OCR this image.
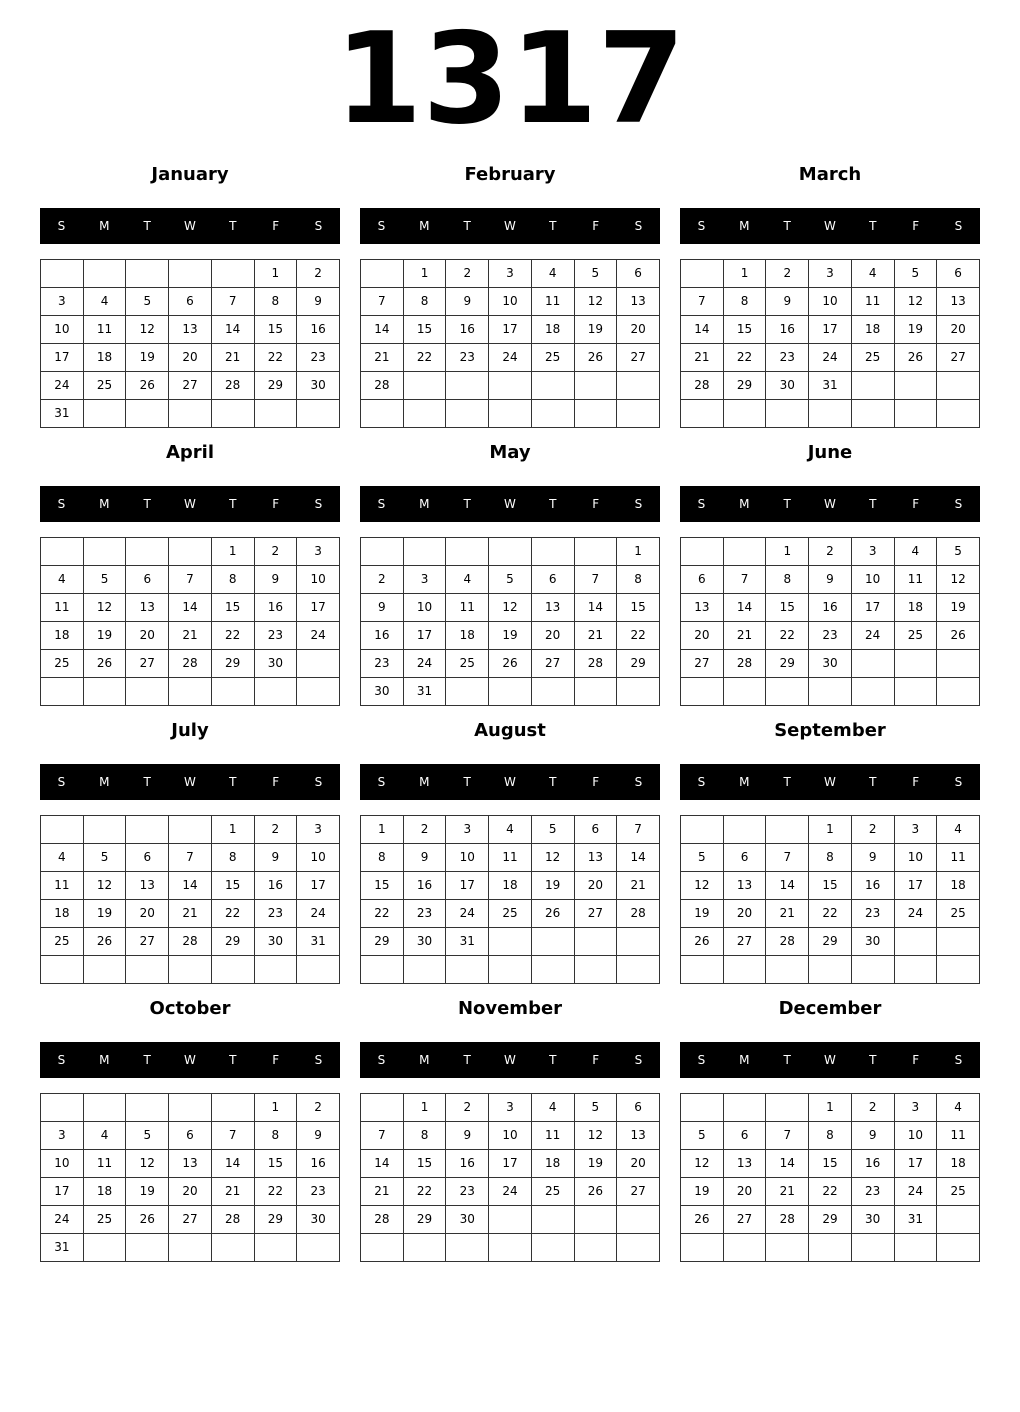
1317
January
S	M	T	W	T	F	S
					1	2
3	4	5	6	7	8	9
10	11	12	13	14	15	16
17	18	19	20	21	22	23
24	25	26	27	28	29	30
31						
February
S	M	T	W	T	F	S
	1	2	3	4	5	6
7	8	9	10	11	12	13
14	15	16	17	18	19	20
21	22	23	24	25	26	27
28						

March
S	M	T	W	T	F	S
	1	2	3	4	5	6
7	8	9	10	11	12	13
14	15	16	17	18	19	20
21	22	23	24	25	26	27
28	29	30	31			

April
S	M	T	W	T	F	S
				1	2	3
4	5	6	7	8	9	10
11	12	13	14	15	16	17
18	19	20	21	22	23	24
25	26	27	28	29	30	

May
S	M	T	W	T	F	S
						1
2	3	4	5	6	7	8
9	10	11	12	13	14	15
16	17	18	19	20	21	22
23	24	25	26	27	28	29
30	31					
June
S	M	T	W	T	F	S
		1	2	3	4	5
6	7	8	9	10	11	12
13	14	15	16	17	18	19
20	21	22	23	24	25	26
27	28	29	30			

July
S	M	T	W	T	F	S
				1	2	3
4	5	6	7	8	9	10
11	12	13	14	15	16	17
18	19	20	21	22	23	24
25	26	27	28	29	30	31

August
S	M	T	W	T	F	S
1	2	3	4	5	6	7
8	9	10	11	12	13	14
15	16	17	18	19	20	21
22	23	24	25	26	27	28
29	30	31				

September
S	M	T	W	T	F	S
			1	2	3	4
5	6	7	8	9	10	11
12	13	14	15	16	17	18
19	20	21	22	23	24	25
26	27	28	29	30		

October
S	M	T	W	T	F	S
					1	2
3	4	5	6	7	8	9
10	11	12	13	14	15	16
17	18	19	20	21	22	23
24	25	26	27	28	29	30
31						
November
S	M	T	W	T	F	S
	1	2	3	4	5	6
7	8	9	10	11	12	13
14	15	16	17	18	19	20
21	22	23	24	25	26	27
28	29	30				

December
S	M	T	W	T	F	S
			1	2	3	4
5	6	7	8	9	10	11
12	13	14	15	16	17	18
19	20	21	22	23	24	25
26	27	28	29	30	31	
